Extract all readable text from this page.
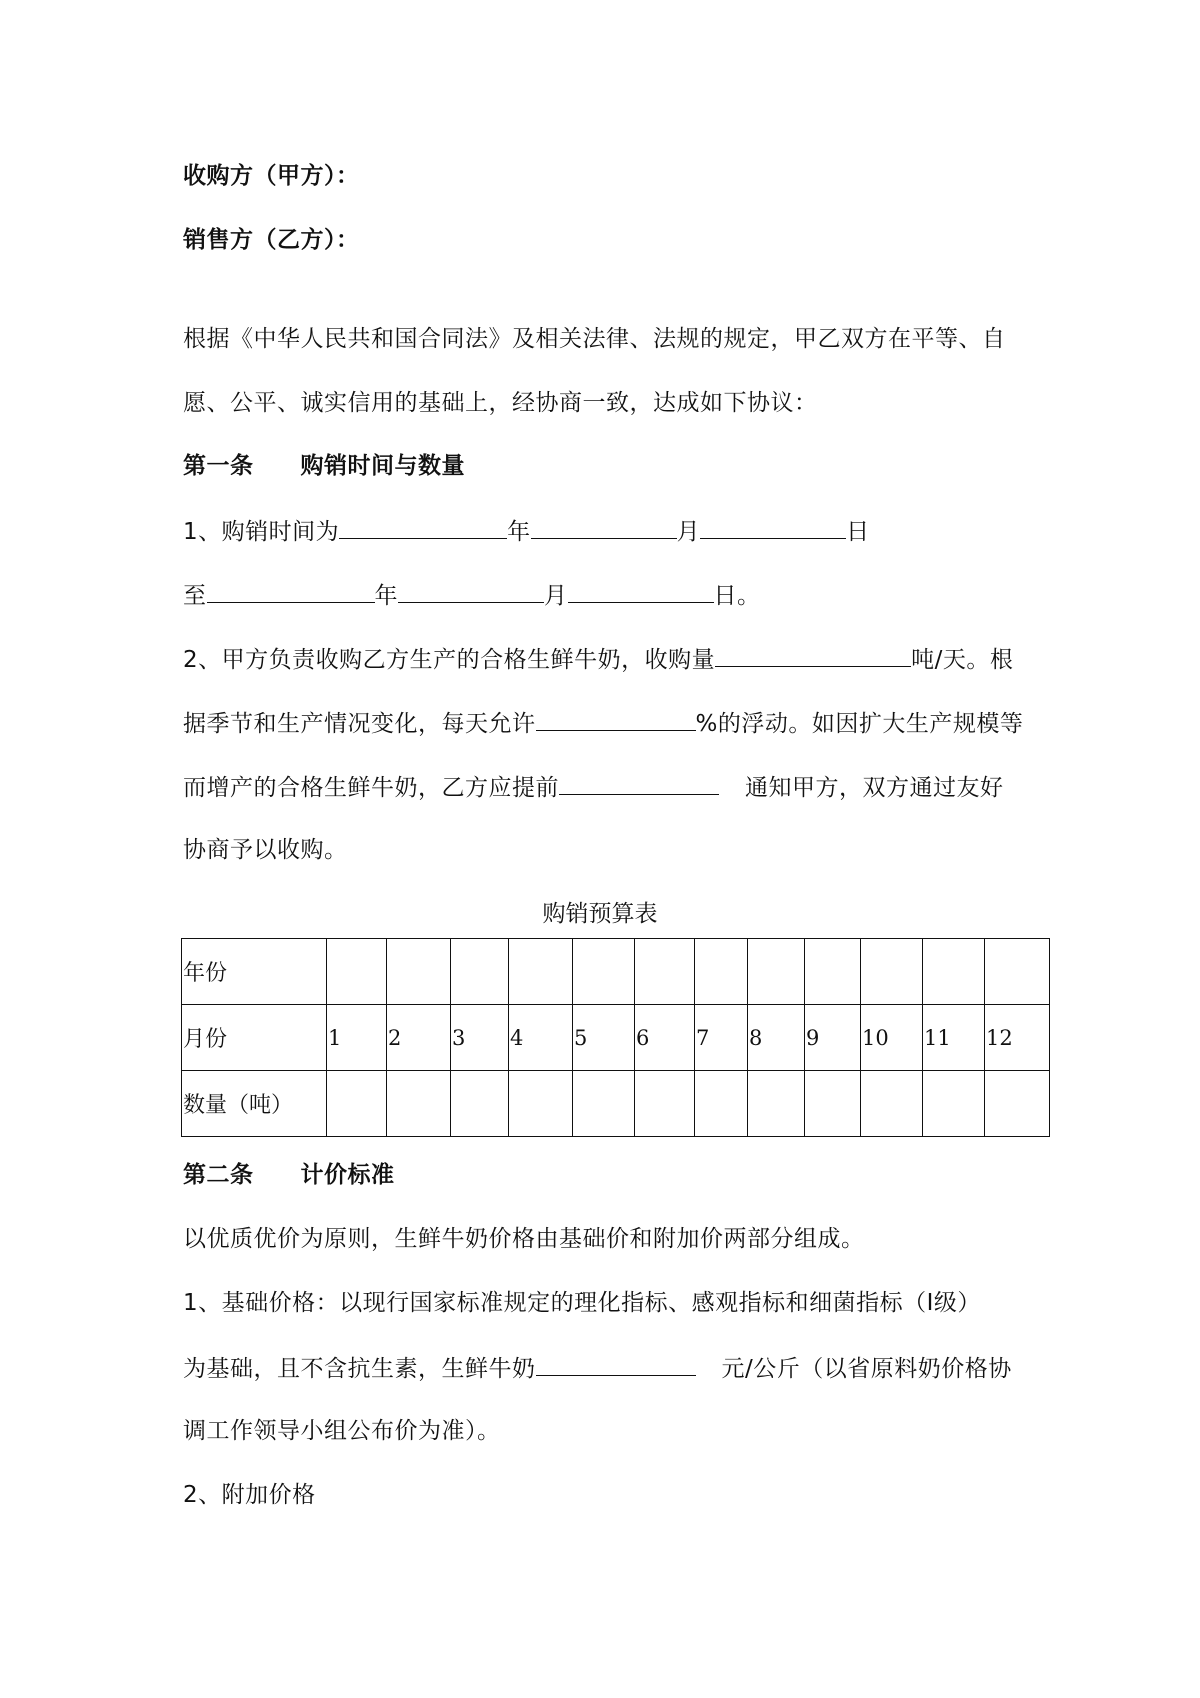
收购方（甲方）：
销售方（乙方）：
根据《中华人民共和国合同法》及相关法律、法规的规定，甲乙双方在平等、自
愿、公平、诚实信用的基础上，经协商一致，达成如下协议：
第一条　　购销时间与数量
1、购销时间为	年	月	日
至	年	月	日。
2、甲方负责收购乙方生产的合格生鲜牛奶，收购量	吨/天。根
据季节和生产情况变化，每天允许	%的浮动。如因扩大生产规模等
而增产的合格生鲜牛奶，乙方应提前	通知甲方，双方通过友好
协商予以收购。
购销预算表
年份												
月份	1	2	3	4	5	6	7	8	9	10	11	12
数量（吨）												
第二条　　计价标准
以优质优价为原则，生鲜牛奶价格由基础价和附加价两部分组成。
1、基础价格：以现行国家标准规定的理化指标、感观指标和细菌指标（Ⅰ级）
为基础，且不含抗生素，生鲜牛奶	元/公斤（以省原料奶价格协
调工作领导小组公布价为准）。
2、附加价格
